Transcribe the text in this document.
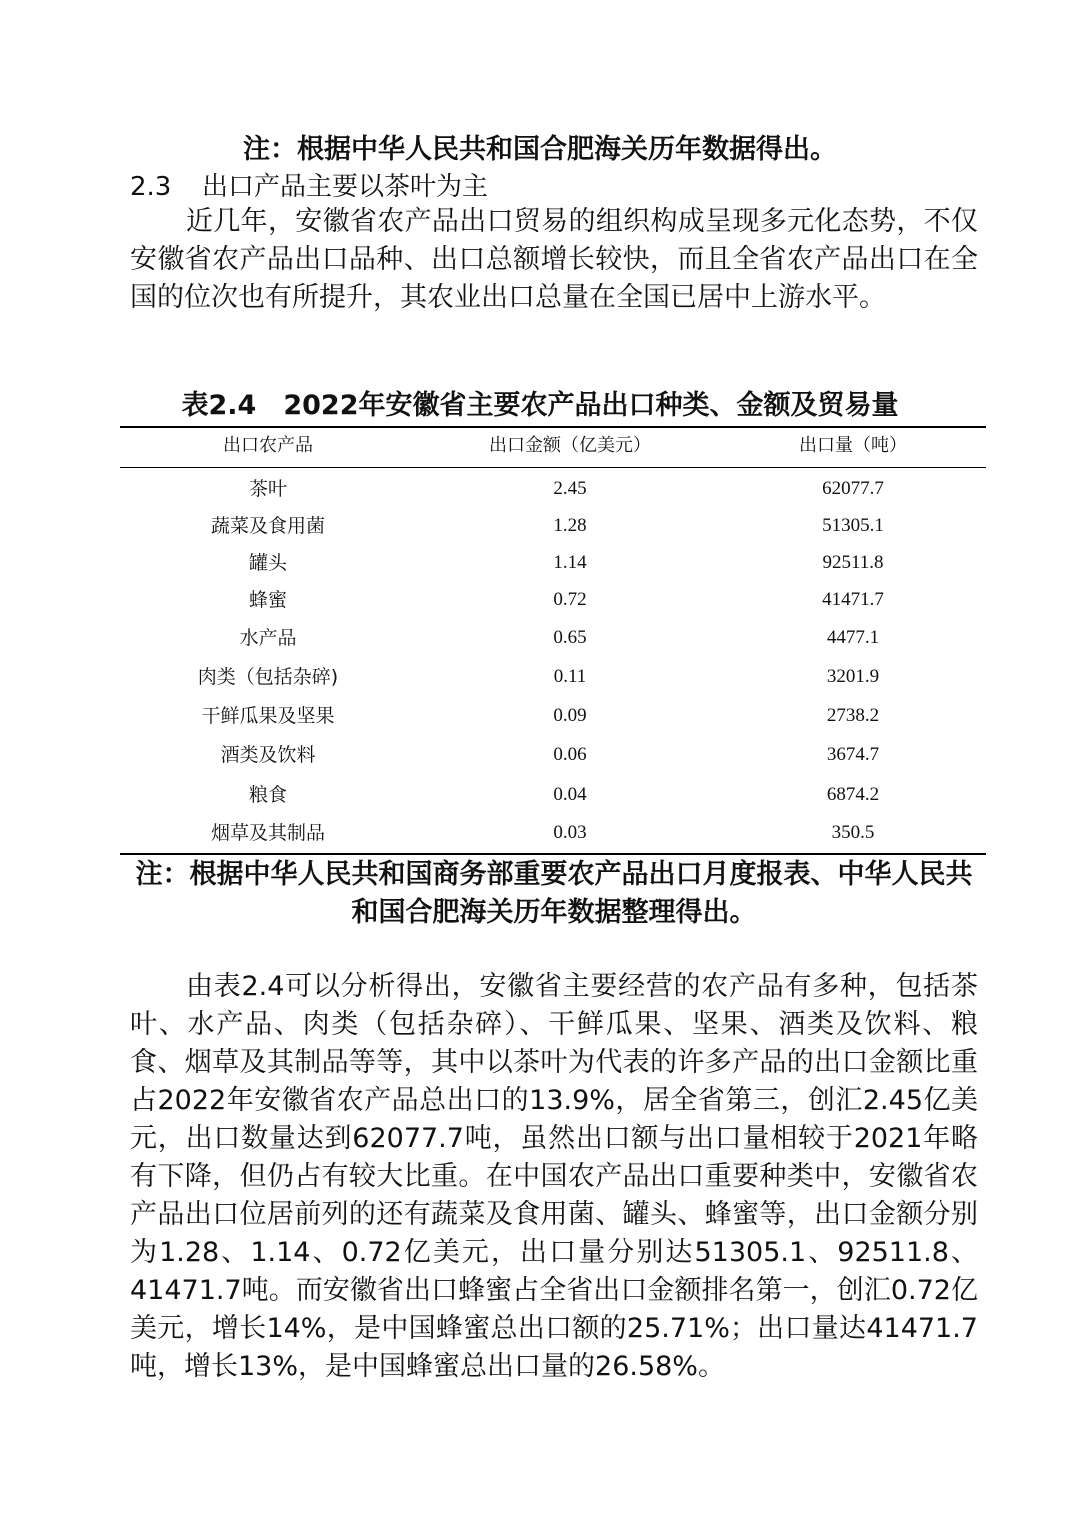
注：根据中华人民共和国合肥海关历年数据得出。
2.3 出口产品主要以茶叶为主

近几年，安徽省农产品出口贸易的组织构成呈现多元化态势，不仅安徽省农产品出口品种、出口总额增长较快，而且全省农产品出口在全国的位次也有所提升，其农业出口总量在全国已居中上游水平。

表2.4　2022年安徽省主要农产品出口种类、金额及贸易量
出口农产品	出口金额（亿美元）	出口量（吨）
茶叶	2.45	62077.7
蔬菜及食用菌	1.28	51305.1
罐头	1.14	92511.8
蜂蜜	0.72	41471.7
水产品	0.65	4477.1
肉类（包括杂碎)	0.11	3201.9
干鲜瓜果及坚果	0.09	2738.2
酒类及饮料	0.06	3674.7
粮食	0.04	6874.2
烟草及其制品	0.03	350.5
注：根据中华人民共和国商务部重要农产品出口月度报表、中华人民共和国合肥海关历年数据整理得出。

由表2.4可以分析得出，安徽省主要经营的农产品有多种，包括茶叶、水产品、肉类（包括杂碎）、干鲜瓜果、坚果、酒类及饮料、粮食、烟草及其制品等等，其中以茶叶为代表的许多产品的出口金额比重占2022年安徽省农产品总出口的13.9%，居全省第三，创汇2.45亿美元，出口数量达到62077.7吨，虽然出口额与出口量相较于2021年略有下降，但仍占有较大比重。在中国农产品出口重要种类中，安徽省农产品出口位居前列的还有蔬菜及食用菌、罐头、蜂蜜等，出口金额分别为1.28、1.14、0.72亿美元，出口量分别达51305.1、92511.8、41471.7吨。而安徽省出口蜂蜜占全省出口金额排名第一，创汇0.72亿美元，增长14%，是中国蜂蜜总出口额的25.71%；出口量达41471.7吨，增长13%，是中国蜂蜜总出口量的26.58%。
